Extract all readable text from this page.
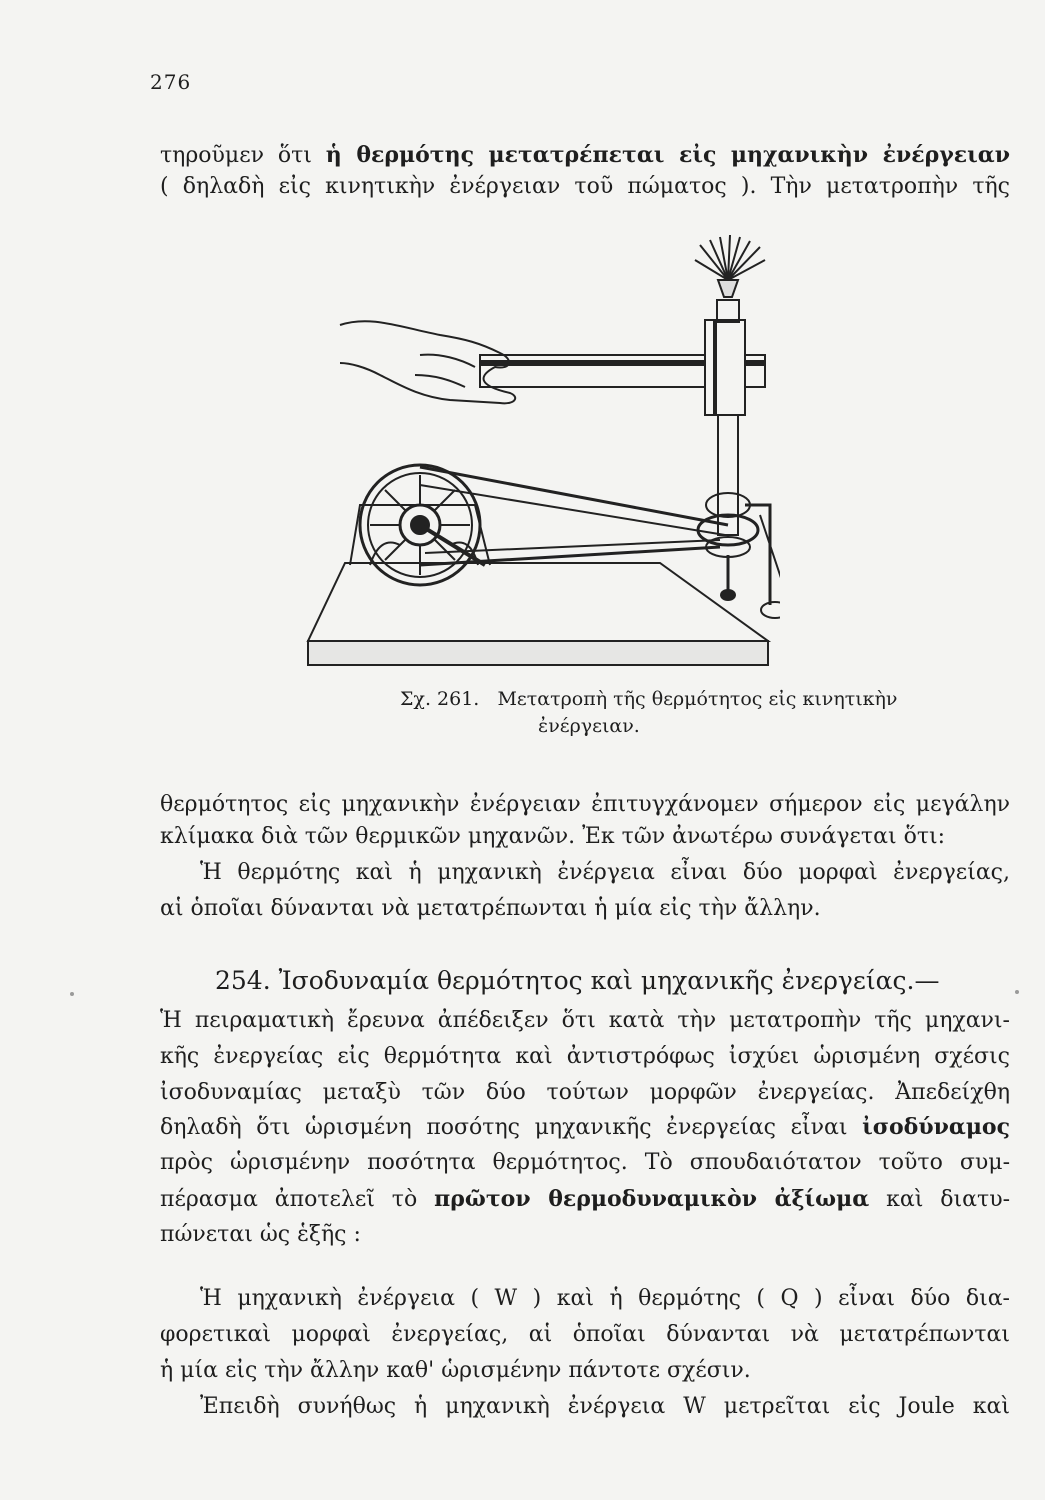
276
τηροῦμεν ὅτι ἡ θερμότης μετατρέπεται εἰς μηχανικὴν ἐνέργειαν
( δηλαδὴ εἰς κινητικὴν ἐνέργειαν τοῦ πώματος ). Τὴν μετατροπὴν τῆς
Σχ. 261. Μετατροπὴ τῆς θερμότητος εἰς κινητικὴν
ἐνέργειαν.
θερμότητος εἰς μηχανικὴν ἐνέργειαν ἐπιτυγχάνομεν σήμερον εἰς μεγάλην
κλίμακα διὰ τῶν θερμικῶν μηχανῶν. Ἐκ τῶν ἀνωτέρω συνάγεται ὅτι:
Ἡ θερμότης καὶ ἡ μηχανικὴ ἐνέργεια εἶναι δύο μορφαὶ ἐνεργείας,
αἱ ὁποῖαι δύνανται νὰ μετατρέπωνται ἡ μία εἰς τὴν ἄλλην.
254. Ἰσοδυναμία θερμότητος καὶ μηχανικῆς ἐνεργείας.—
Ἡ πειραματικὴ ἔρευνα ἀπέδειξεν ὅτι κατὰ τὴν μετατροπὴν τῆς μηχανι-
κῆς ἐνεργείας εἰς θερμότητα καὶ ἀντιστρόφως ἰσχύει ὡρισμένη σχέσις
ἰσοδυναμίας μεταξὺ τῶν δύο τούτων μορφῶν ἐνεργείας. Ἀπεδείχθη
δηλαδὴ ὅτι ὡρισμένη ποσότης μηχανικῆς ἐνεργείας εἶναι ἰσοδύναμος
πρὸς ὡρισμένην ποσότητα θερμότητος. Τὸ σπουδαιότατον τοῦτο συμ-
πέρασμα ἀποτελεῖ τὸ πρῶτον θερμοδυναμικὸν ἀξίωμα καὶ διατυ-
πώνεται ὡς ἑξῆς :
Ἡ μηχανικὴ ἐνέργεια ( W ) καὶ ἡ θερμότης ( Q ) εἶναι δύο δια-
φορετικαὶ μορφαὶ ἐνεργείας, αἱ ὁποῖαι δύνανται νὰ μετατρέπωνται
ἡ μία εἰς τὴν ἄλλην καθ' ὡρισμένην πάντοτε σχέσιν.
Ἐπειδὴ συνήθως ἡ μηχανικὴ ἐνέργεια W μετρεῖται εἰς Joule καὶ
